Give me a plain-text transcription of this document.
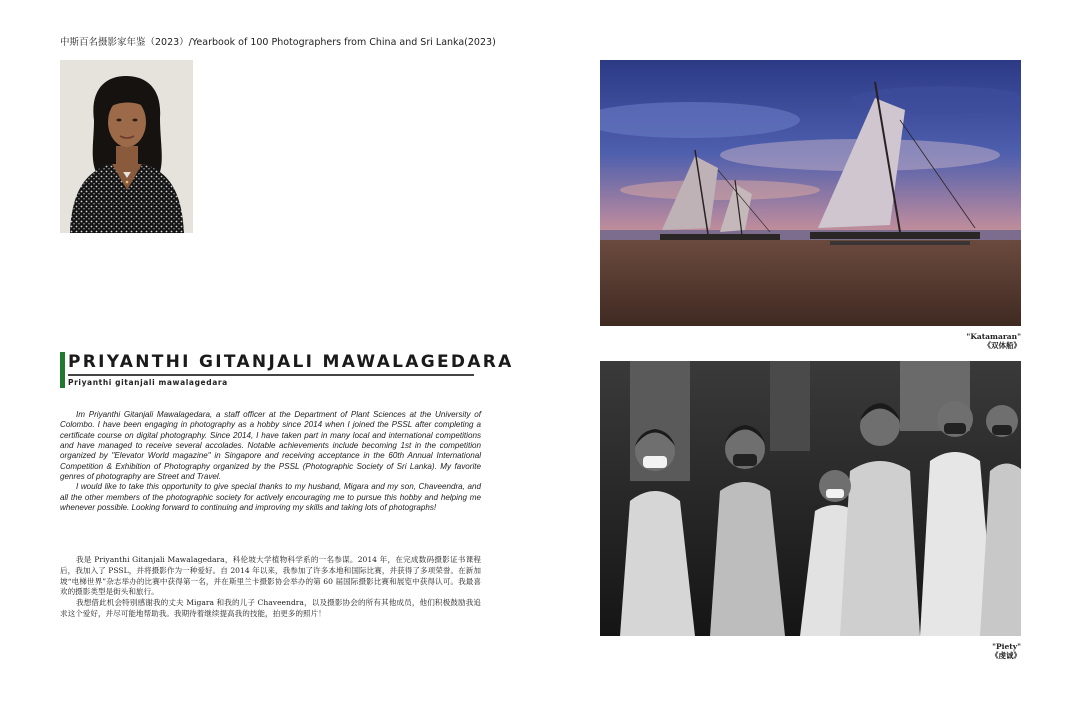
中斯百名摄影家年鉴（2023）/Yearbook of 100 Photographers from China and Sri Lanka(2023)
PRIYANTHI GITANJALI MAWALAGEDARA
Priyanthi gitanjali mawalagedara

Im Priyanthi Gitanjali Mawalagedara, a staff officer at the Department of Plant Sciences at the University of Colombo. I have been engaging in photography as a hobby since 2014 when I joined the PSSL after completing a certificate course on digital photography. Since 2014, I have taken part in many local and international competitions and have managed to receive several accolades. Notable achievements include becoming 1st in the competition organized by "Elevator World magazine" in Singapore and receiving acceptance in the 60th Annual International Competition & Exhibition of Photography organized by the PSSL (Photographic Society of Sri Lanka). My favorite genres of photography are Street and Travel.

I would like to take this opportunity to give special thanks to my husband, Migara and my son, Chaveendra, and all the other members of the photographic society for actively encouraging me to pursue this hobby and helping me whenever possible. Looking forward to continuing and improving my skills and taking lots of photographs!

我是 Priyanthi Gitanjali Mawalagedara，科伦坡大学植物科学系的一名参谋。2014 年，在完成数码摄影证书课程后，我加入了 PSSL，并将摄影作为一种爱好。自 2014 年以来，我参加了许多本地和国际比赛，并获得了多项荣誉。在新加坡“电梯世界”杂志举办的比赛中获得第一名，并在斯里兰卡摄影协会举办的第 60 届国际摄影比赛和展览中获得认可。我最喜欢的摄影类型是街头和旅行。

我想借此机会特别感谢我的丈夫 Migara 和我的儿子 Chaveendra，以及摄影协会的所有其他成员，他们积极鼓励我追求这个爱好，并尽可能地帮助我。我期待着继续提高我的技能，拍更多的照片！

"Katamaran"
《双体船》
"Piety"
《虔诚》
